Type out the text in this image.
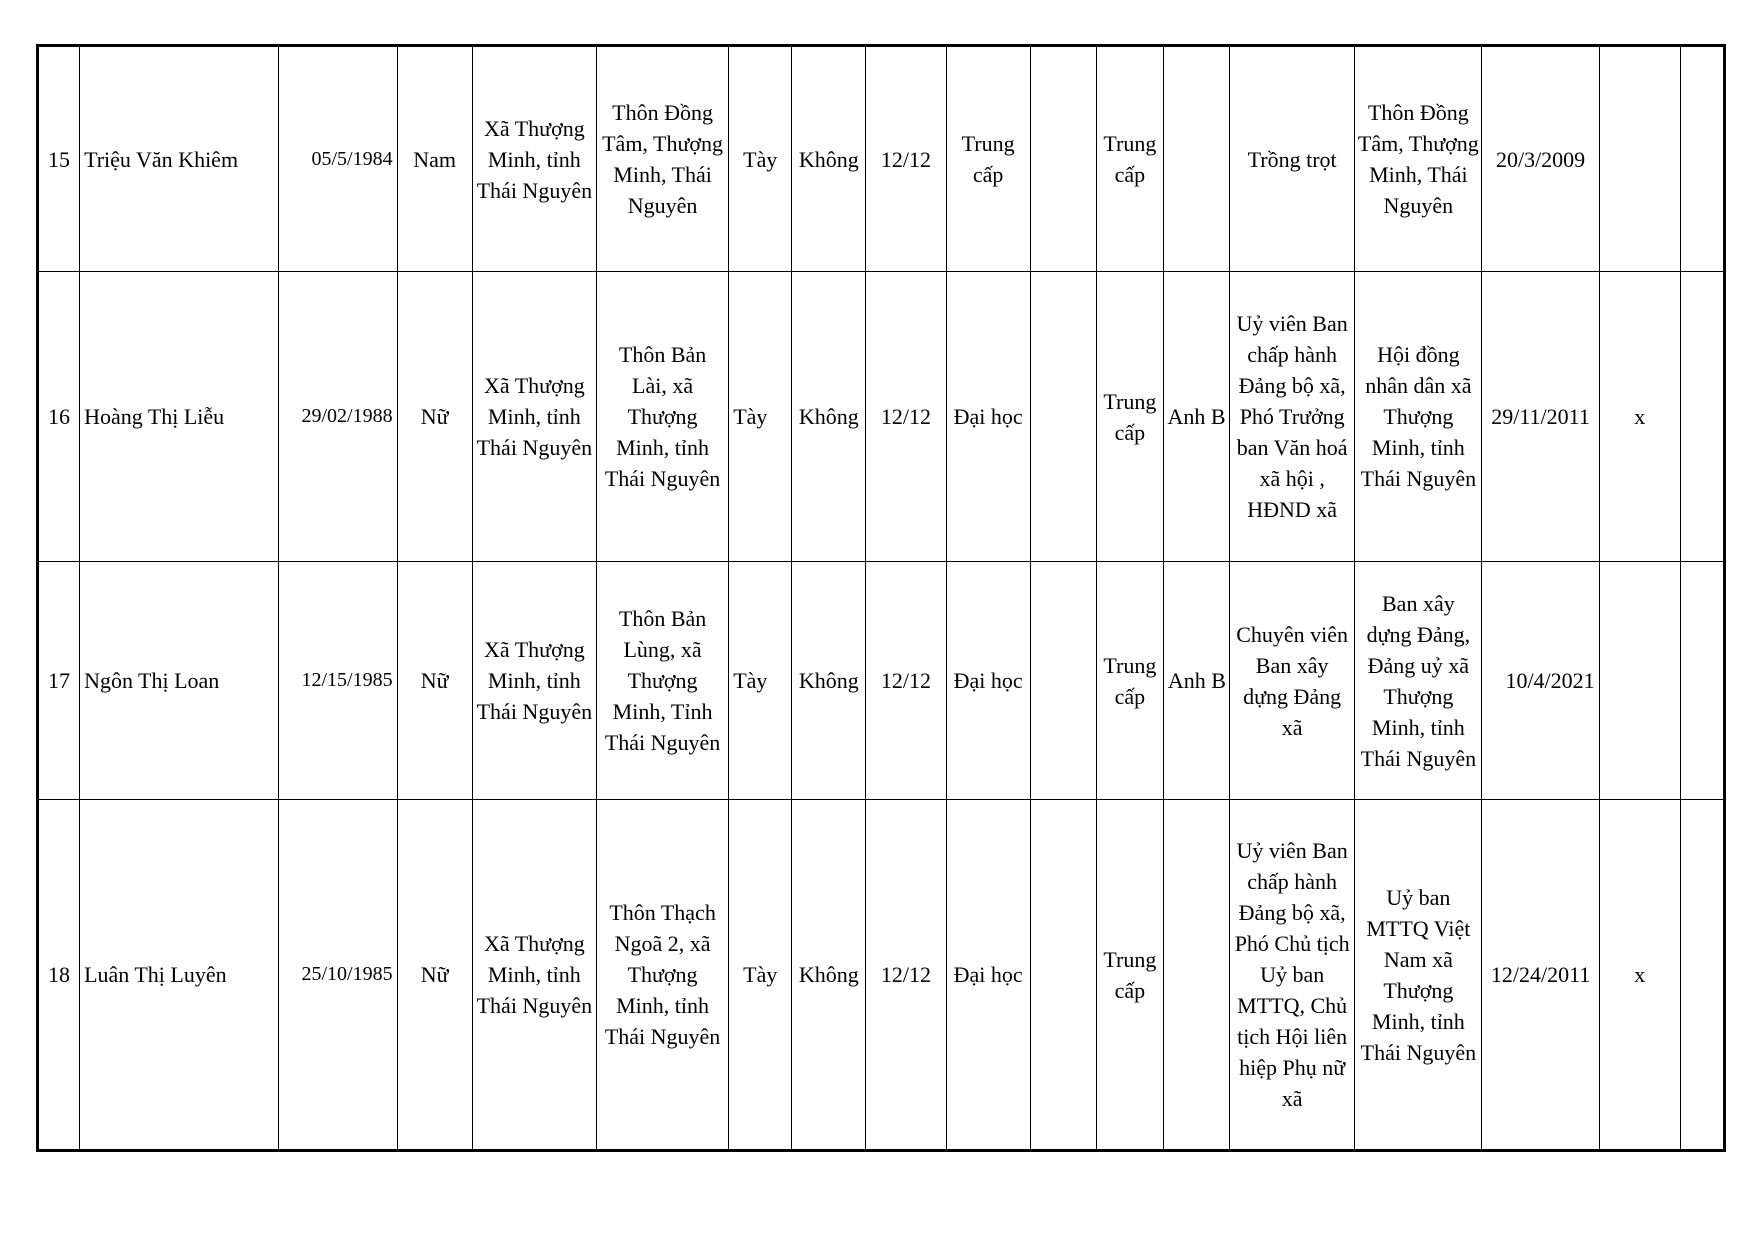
15	Triệu Văn Khiêm	05/5/1984	Nam	Xã Thượng Minh, tỉnh Thái Nguyên	Thôn Đồng Tâm, Thượng Minh, Thái Nguyên	Tày	Không	12/12	Trung cấp		Trung cấp		Trồng trọt	Thôn Đồng Tâm, Thượng Minh, Thái Nguyên	20/3/2009		
16	Hoàng Thị Liễu	29/02/1988	Nữ	Xã Thượng Minh, tỉnh Thái Nguyên	Thôn Bản Lài, xã Thượng Minh, tỉnh Thái Nguyên	Tày	Không	12/12	Đại học		Trung cấp	Anh B	Uỷ viên Ban chấp hành Đảng bộ xã, Phó Trưởng ban Văn hoá xã hội , HĐND xã	Hội đồng nhân dân xã Thượng Minh, tỉnh Thái Nguyên	29/11/2011	x	
17	Ngôn Thị Loan	12/15/1985	Nữ	Xã Thượng Minh, tỉnh Thái Nguyên	Thôn Bản Lùng, xã Thượng Minh, Tỉnh Thái Nguyên	Tày	Không	12/12	Đại học		Trung cấp	Anh B	Chuyên viên Ban xây dựng Đảng xã	Ban xây dựng Đảng, Đảng uỷ xã Thượng Minh, tỉnh Thái Nguyên	10/4/2021		
18	Luân Thị Luyên	25/10/1985	Nữ	Xã Thượng Minh, tỉnh Thái Nguyên	Thôn Thạch Ngoã 2, xã Thượng Minh, tỉnh Thái Nguyên	Tày	Không	12/12	Đại học		Trung cấp		Uỷ viên Ban chấp hành Đảng bộ xã, Phó Chủ tịch Uỷ ban MTTQ, Chủ tịch Hội liên hiệp Phụ nữ xã	Uỷ ban MTTQ Việt Nam xã Thượng Minh, tỉnh Thái Nguyên	12/24/2011	x	
